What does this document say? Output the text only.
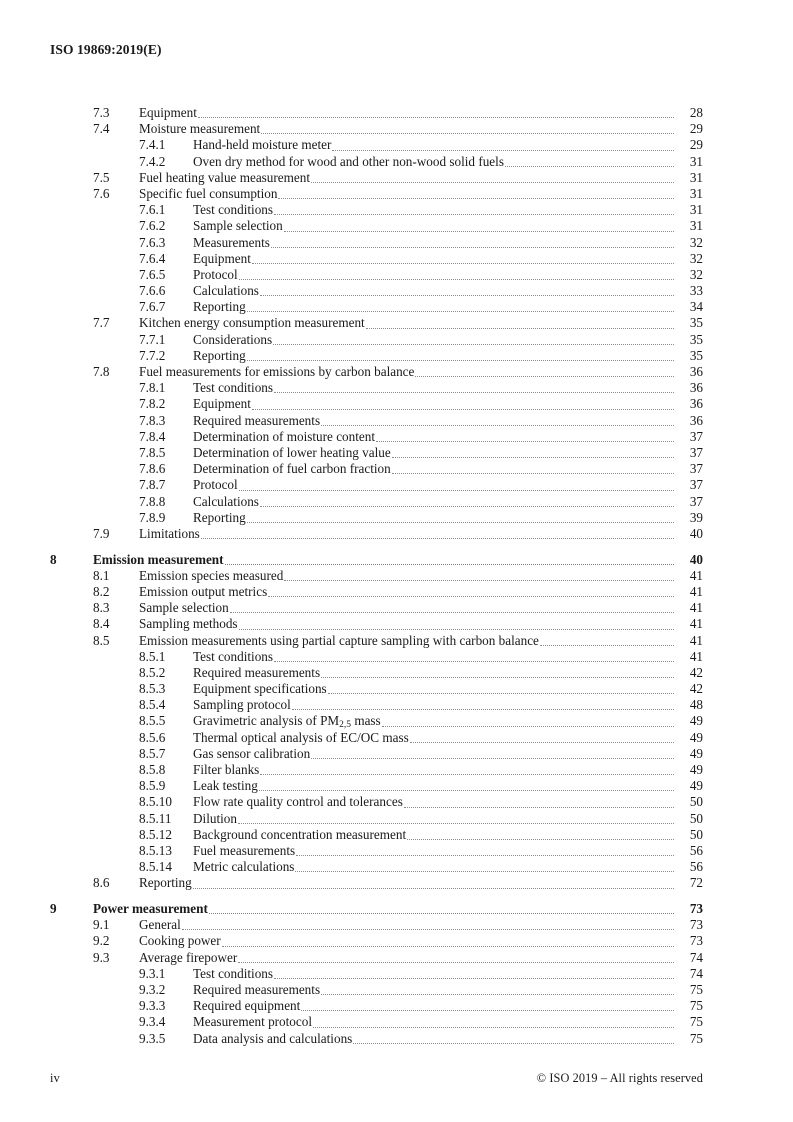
ISO 19869:2019(E)
7.3	Equipment	28
7.4	Moisture measurement	29
7.4.1	Hand-held moisture meter	29
7.4.2	Oven dry method for wood and other non-wood solid fuels	31
7.5	Fuel heating value measurement	31
7.6	Specific fuel consumption	31
7.6.1	Test conditions	31
7.6.2	Sample selection	31
7.6.3	Measurements	32
7.6.4	Equipment	32
7.6.5	Protocol	32
7.6.6	Calculations	33
7.6.7	Reporting	34
7.7	Kitchen energy consumption measurement	35
7.7.1	Considerations	35
7.7.2	Reporting	35
7.8	Fuel measurements for emissions by carbon balance	36
7.8.1	Test conditions	36
7.8.2	Equipment	36
7.8.3	Required measurements	36
7.8.4	Determination of moisture content	37
7.8.5	Determination of lower heating value	37
7.8.6	Determination of fuel carbon fraction	37
7.8.7	Protocol	37
7.8.8	Calculations	37
7.8.9	Reporting	39
7.9	Limitations	40
8	Emission measurement	40
8.1	Emission species measured	41
8.2	Emission output metrics	41
8.3	Sample selection	41
8.4	Sampling methods	41
8.5	Emission measurements using partial capture sampling with carbon balance	41
8.5.1	Test conditions	41
8.5.2	Required measurements	42
8.5.3	Equipment specifications	42
8.5.4	Sampling protocol	48
8.5.5	Gravimetric analysis of $PM_{2,5}$ mass	49
8.5.6	Thermal optical analysis of EC/OC mass	49
8.5.7	Gas sensor calibration	49
8.5.8	Filter blanks	49
8.5.9	Leak testing	49
8.5.10	Flow rate quality control and tolerances	50
8.5.11	Dilution	50
8.5.12	Background concentration measurement	50
8.5.13	Fuel measurements	56
8.5.14	Metric calculations	56
8.6	Reporting	72
9	Power measurement	73
9.1	General	73
9.2	Cooking power	73
9.3	Average firepower	74
9.3.1	Test conditions	74
9.3.2	Required measurements	75
9.3.3	Required equipment	75
9.3.4	Measurement protocol	75
9.3.5	Data analysis and calculations	75
iv	© ISO 2019 – All rights reserved
